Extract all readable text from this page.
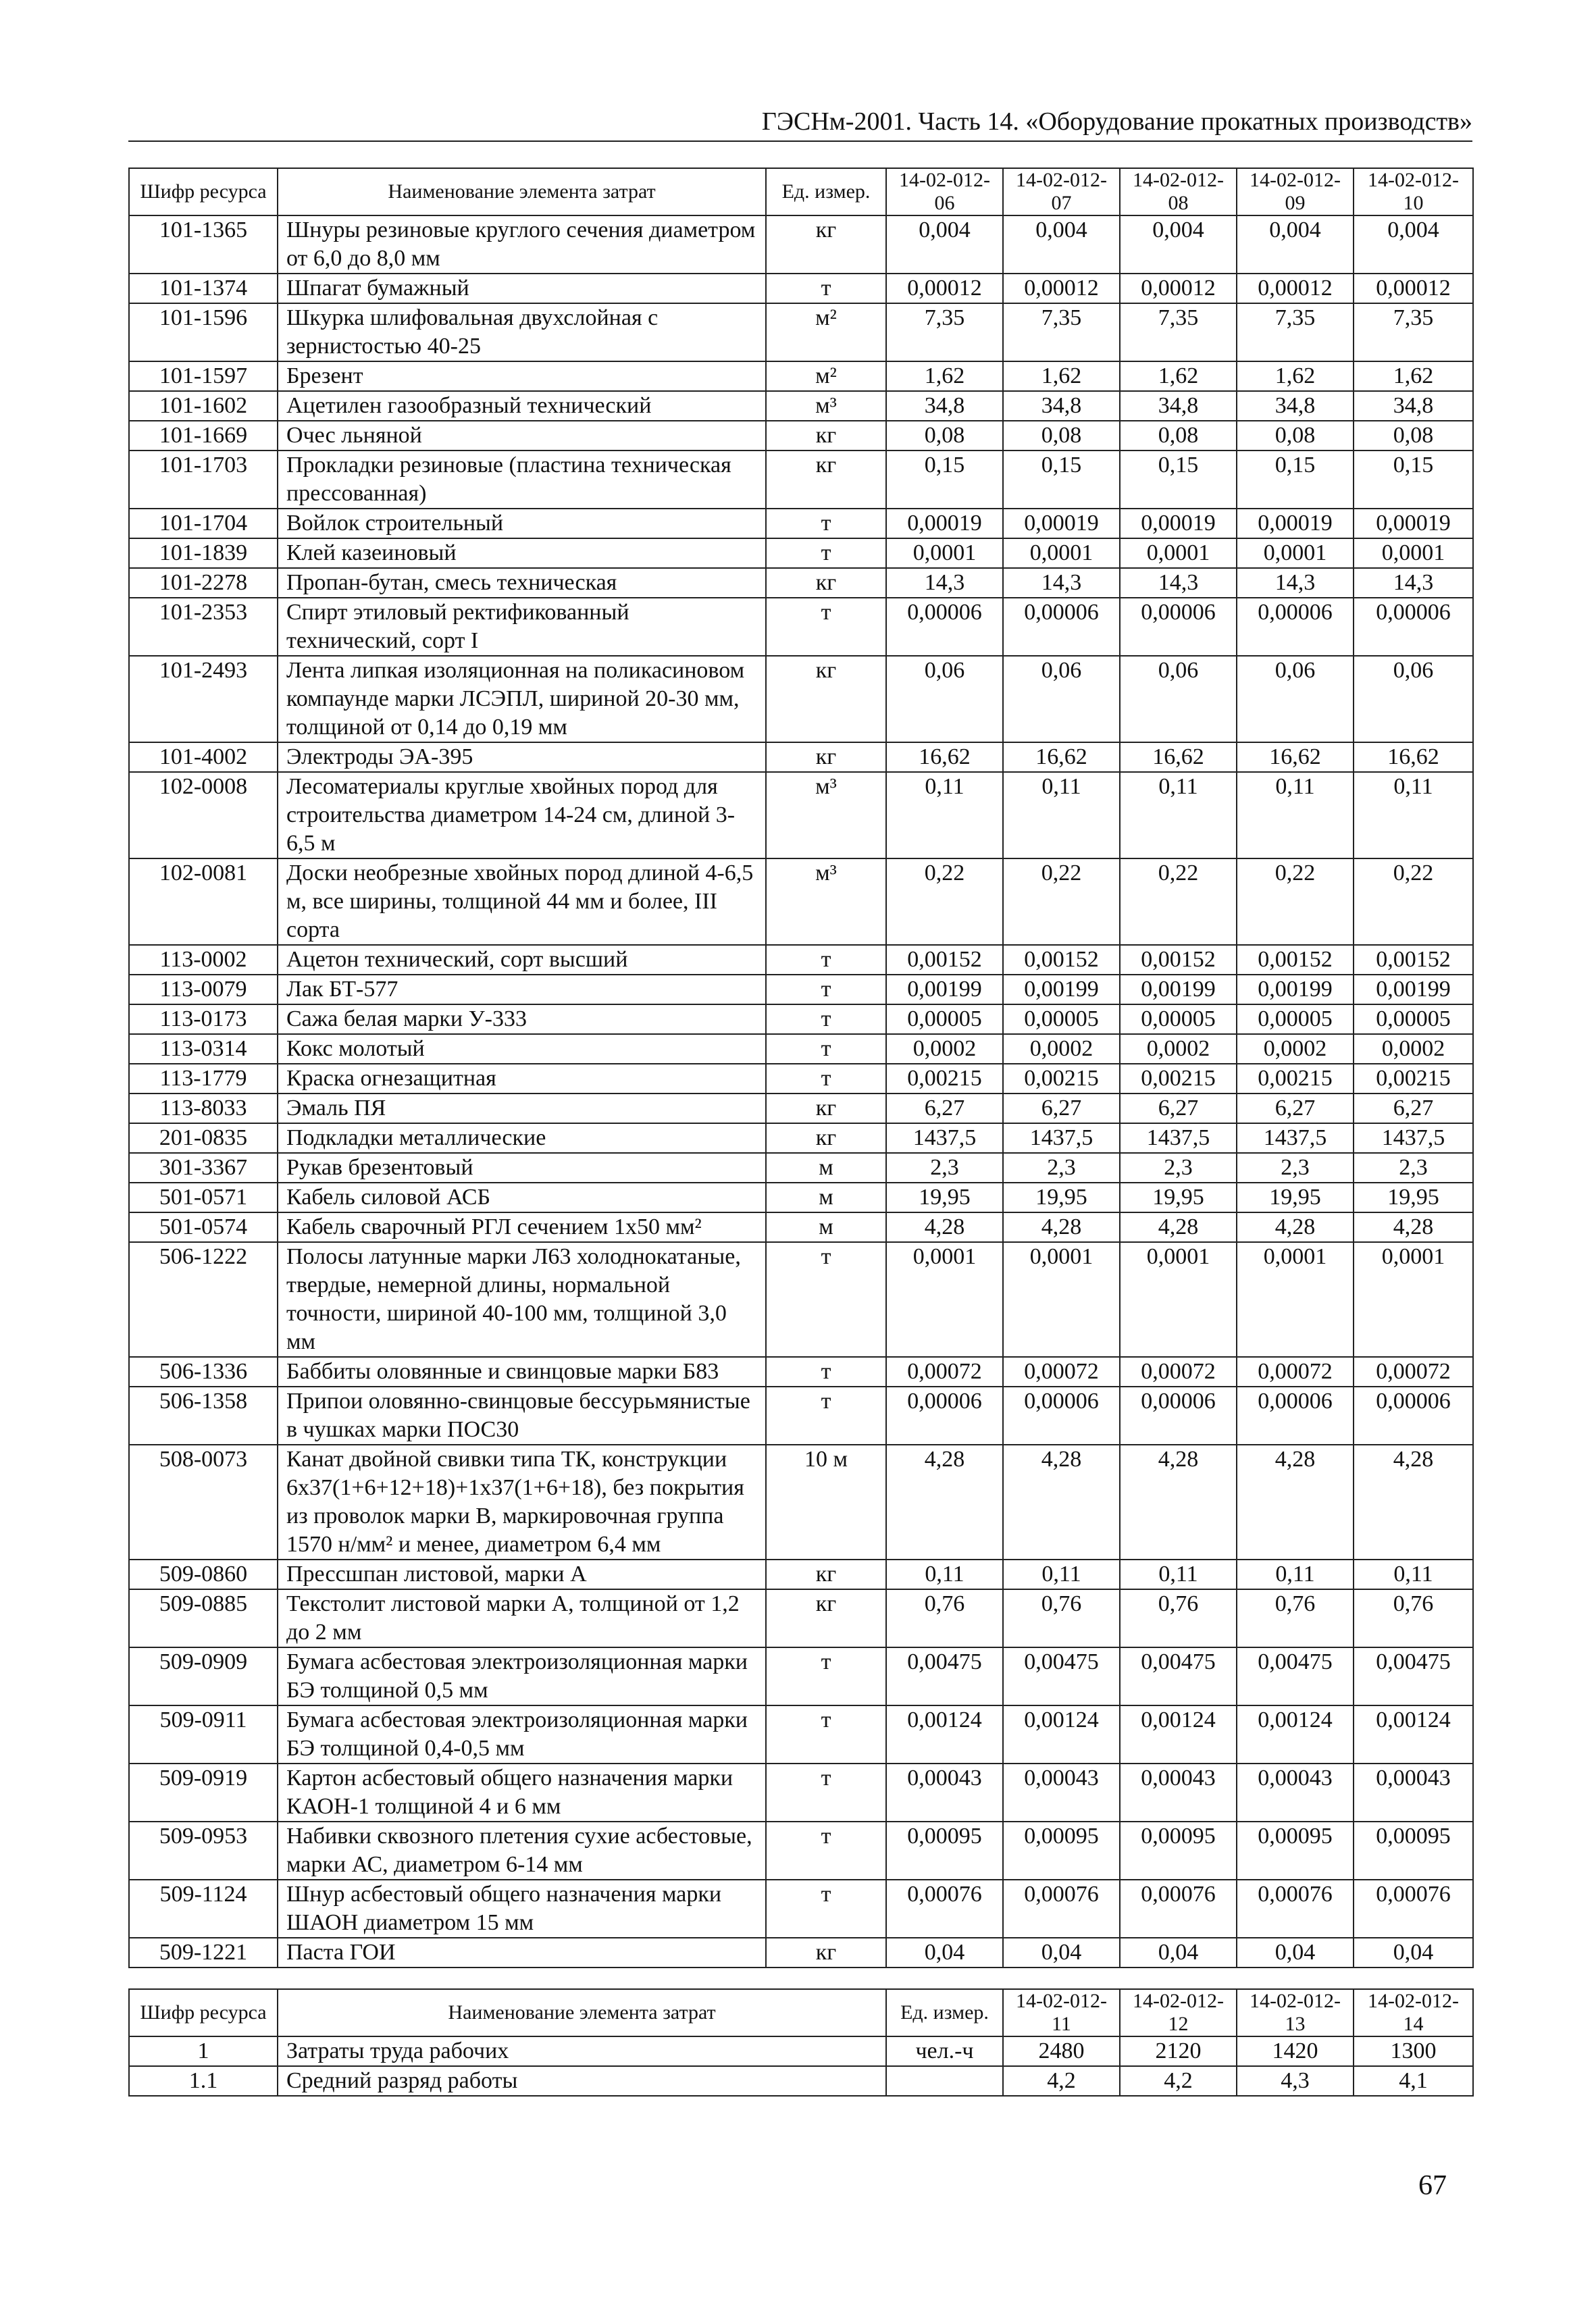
ГЭСНм-2001. Часть 14. «Оборудование прокатных производств»
Шифр ресурса	Наименование элемента затрат	Ед. измер.	14-02-012-06	14-02-012-07	14-02-012-08	14-02-012-09	14-02-012-10
101-1365	Шнуры резиновые круглого сечения диаметром от 6,0 до 8,0 мм	кг	0,004	0,004	0,004	0,004	0,004
101-1374	Шпагат бумажный	т	0,00012	0,00012	0,00012	0,00012	0,00012
101-1596	Шкурка шлифовальная двухслойная с зернистостью 40-25	м²	7,35	7,35	7,35	7,35	7,35
101-1597	Брезент	м²	1,62	1,62	1,62	1,62	1,62
101-1602	Ацетилен газообразный технический	м³	34,8	34,8	34,8	34,8	34,8
101-1669	Очес льняной	кг	0,08	0,08	0,08	0,08	0,08
101-1703	Прокладки резиновые (пластина техническая прессованная)	кг	0,15	0,15	0,15	0,15	0,15
101-1704	Войлок строительный	т	0,00019	0,00019	0,00019	0,00019	0,00019
101-1839	Клей казеиновый	т	0,0001	0,0001	0,0001	0,0001	0,0001
101-2278	Пропан-бутан, смесь техническая	кг	14,3	14,3	14,3	14,3	14,3
101-2353	Спирт этиловый ректификованный технический, сорт I	т	0,00006	0,00006	0,00006	0,00006	0,00006
101-2493	Лента липкая изоляционная на поликасиновом компаунде марки ЛСЭПЛ, шириной 20-30 мм, толщиной от 0,14 до 0,19 мм	кг	0,06	0,06	0,06	0,06	0,06
101-4002	Электроды ЭА-395	кг	16,62	16,62	16,62	16,62	16,62
102-0008	Лесоматериалы круглые хвойных пород для строительства диаметром 14-24 см, длиной 3-6,5 м	м³	0,11	0,11	0,11	0,11	0,11
102-0081	Доски необрезные хвойных пород длиной 4-6,5 м, все ширины, толщиной 44 мм и более, III сорта	м³	0,22	0,22	0,22	0,22	0,22
113-0002	Ацетон технический, сорт высший	т	0,00152	0,00152	0,00152	0,00152	0,00152
113-0079	Лак БТ-577	т	0,00199	0,00199	0,00199	0,00199	0,00199
113-0173	Сажа белая марки У-333	т	0,00005	0,00005	0,00005	0,00005	0,00005
113-0314	Кокс молотый	т	0,0002	0,0002	0,0002	0,0002	0,0002
113-1779	Краска огнезащитная	т	0,00215	0,00215	0,00215	0,00215	0,00215
113-8033	Эмаль ПЯ	кг	6,27	6,27	6,27	6,27	6,27
201-0835	Подкладки металлические	кг	1437,5	1437,5	1437,5	1437,5	1437,5
301-3367	Рукав брезентовый	м	2,3	2,3	2,3	2,3	2,3
501-0571	Кабель силовой АСБ	м	19,95	19,95	19,95	19,95	19,95
501-0574	Кабель сварочный РГЛ сечением 1х50 мм²	м	4,28	4,28	4,28	4,28	4,28
506-1222	Полосы латунные марки Л63 холоднокатаные, твердые, немерной длины, нормальной точности, шириной 40-100 мм, толщиной 3,0 мм	т	0,0001	0,0001	0,0001	0,0001	0,0001
506-1336	Баббиты оловянные и свинцовые марки Б83	т	0,00072	0,00072	0,00072	0,00072	0,00072
506-1358	Припои оловянно-свинцовые бессурьмянистые в чушках марки ПОС30	т	0,00006	0,00006	0,00006	0,00006	0,00006
508-0073	Канат двойной свивки типа ТК, конструкции 6х37(1+6+12+18)+1х37(1+6+18), без покрытия из проволок марки В, маркировочная группа 1570 н/мм² и менее, диаметром 6,4 мм	10 м	4,28	4,28	4,28	4,28	4,28
509-0860	Прессшпан листовой, марки А	кг	0,11	0,11	0,11	0,11	0,11
509-0885	Текстолит листовой марки А, толщиной от 1,2 до 2 мм	кг	0,76	0,76	0,76	0,76	0,76
509-0909	Бумага асбестовая электроизоляционная марки БЭ толщиной 0,5 мм	т	0,00475	0,00475	0,00475	0,00475	0,00475
509-0911	Бумага асбестовая электроизоляционная марки БЭ толщиной 0,4-0,5 мм	т	0,00124	0,00124	0,00124	0,00124	0,00124
509-0919	Картон асбестовый общего назначения марки КАОН-1 толщиной 4 и 6 мм	т	0,00043	0,00043	0,00043	0,00043	0,00043
509-0953	Набивки сквозного плетения сухие асбестовые, марки АС, диаметром 6-14 мм	т	0,00095	0,00095	0,00095	0,00095	0,00095
509-1124	Шнур асбестовый общего назначения марки ШАОН диаметром 15 мм	т	0,00076	0,00076	0,00076	0,00076	0,00076
509-1221	Паста ГОИ	кг	0,04	0,04	0,04	0,04	0,04
Шифр ресурса	Наименование элемента затрат	Ед. измер.	14-02-012-11	14-02-012-12	14-02-012-13	14-02-012-14
1	Затраты труда рабочих	чел.-ч	2480	2120	1420	1300
1.1	Средний разряд работы		4,2	4,2	4,3	4,1
67
